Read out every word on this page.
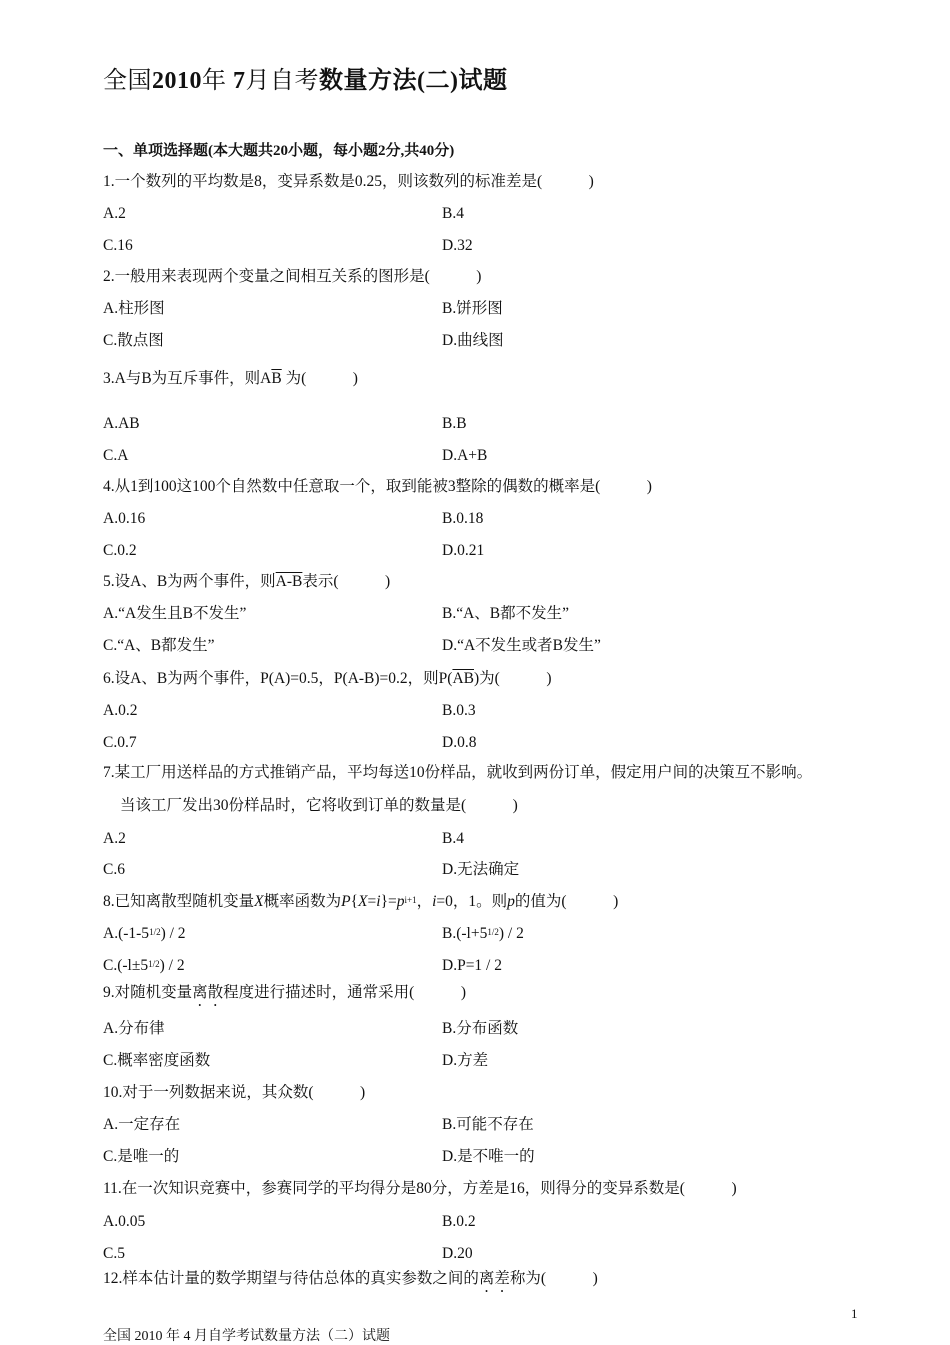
全国2010年 7月自考数量方法(二)试题
一、单项选择题(本大题共20小题，每小题2分,共40分)
1.一个数列的平均数是8，变异系数是0.25，则该数列的标准差是(　　　)
A.2	B.4
C.16	D.32
2.一般用来表现两个变量之间相互关系的图形是(　　　)
A.柱形图	B.饼形图
C.散点图	D.曲线图
3.A与B为互斥事件，则$A\overline{B}$ 为(　　　)
A.AB	B.B
C.A	D.A+B
4.从1到100这100个自然数中任意取一个，取到能被3整除的偶数的概率是(　　　)
A.0.16	B.0.18
C.0.2	D.0.21
5.设A、B为两个事件，则A-B表示(　　　)
A.“A发生且B不发生”	B.“A、B都不发生”
C.“A、B都发生”	D.“A不发生或者B发生”
6.设A、B为两个事件，P(A)=0.5，P(A-B)=0.2，则$P(\overline{AB})$为(　　　)
A.0.2	B.0.3
C.0.7	D.0.8
7.某工厂用送样品的方式推销产品，平均每送10份样品，就收到两份订单，假定用户间的决策互不影响。
当该工厂发出30份样品时，它将收到订单的数量是(　　　)
A.2	B.4
C.6	D.无法确定
8.已知离散型随机变量X概率函数为$P\{X=i\}=p^{i+1}$，i=0，1。则p的值为(　　　)
$A.(-1-5^{1/2}) / 2$	$B.(-l+5^{1/2}) / 2$
$C.(-l\pm 5^{1/2}) / 2$	D.P=1 / 2
9.对随机变量离散程度进行描述时，通常采用(　　　)
A.分布律	B.分布函数
C.概率密度函数	D.方差
10.对于一列数据来说，其众数(　　　)
A.一定存在	B.可能不存在
C.是唯一的	D.是不唯一的
11.在一次知识竞赛中，参赛同学的平均得分是80分，方差是16，则得分的变异系数是(　　　)
A.0.05	B.0.2
C.5	D.20
12.样本估计量的数学期望与待估总体的真实参数之间的离差称为(　　　)
1
全国 2010 年 4 月自学考试数量方法（二）试题
